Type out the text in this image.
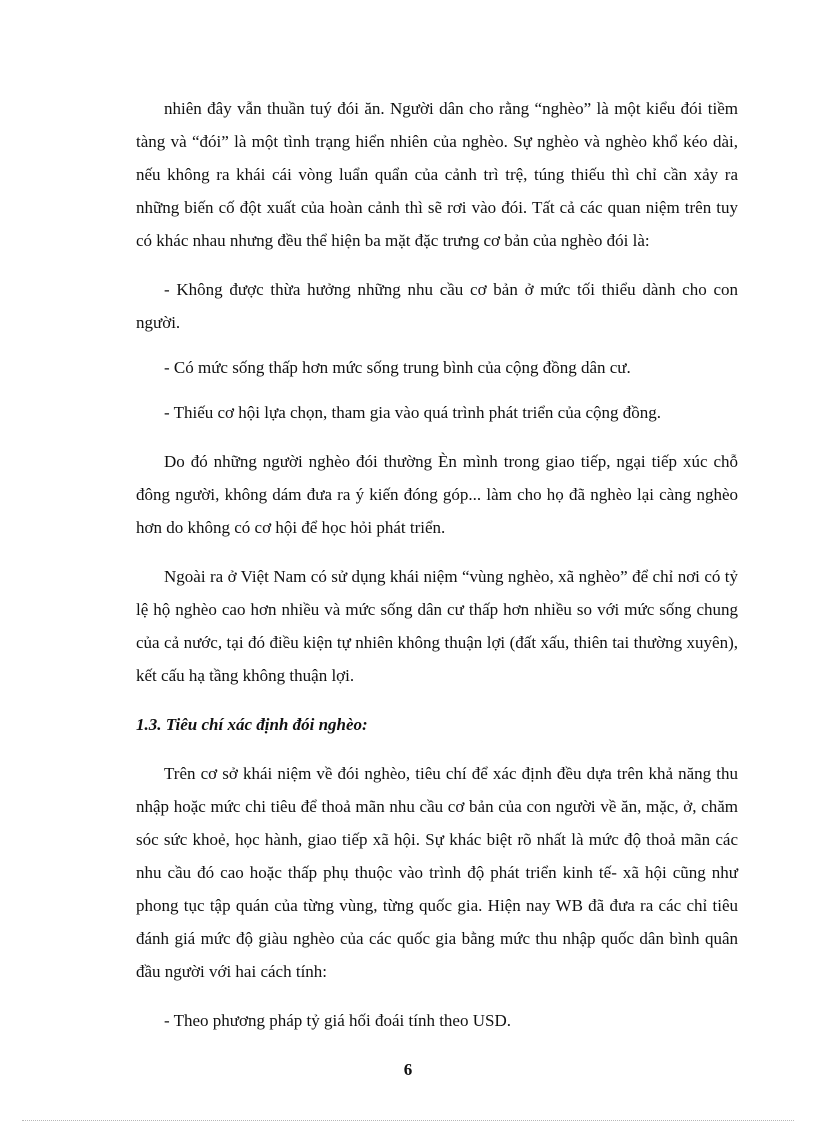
nhiên đây vẫn thuần tuý đói ăn. Người dân cho rằng “nghèo” là một kiểu đói tiềm tàng và “đói” là một tình trạng hiển nhiên của nghèo. Sự nghèo và nghèo khổ kéo dài, nếu không ra khái cái vòng luẩn quẩn của cảnh trì trệ, túng thiếu thì chỉ cần xảy ra những biến cố đột xuất của hoàn cảnh thì sẽ rơi vào đói. Tất cả các quan niệm trên tuy có khác nhau nhưng đều thể hiện ba mặt đặc trưng cơ bản của nghèo đói là:

- Không được thừa hưởng những nhu cầu cơ bản ở mức tối thiểu dành cho con người.

- Có mức sống thấp hơn mức sống trung bình của cộng đồng dân cư.

- Thiếu cơ hội lựa chọn, tham gia vào quá trình phát triển của cộng đồng.

Do đó những người nghèo đói thường Èn mình trong giao tiếp, ngại tiếp xúc chỗ đông người, không dám đưa ra ý kiến đóng góp... làm cho họ đã nghèo lại càng nghèo hơn do không có cơ hội để học hỏi phát triển.

Ngoài ra ở Việt Nam có sử dụng khái niệm “vùng nghèo, xã nghèo” để chỉ nơi có tỷ lệ hộ nghèo cao hơn nhiều và mức sống dân cư thấp hơn nhiều so với mức sống chung của cả nước, tại đó điều kiện tự nhiên không thuận lợi (đất xấu, thiên tai thường xuyên), kết cấu hạ tầng không thuận lợi.

1.3. Tiêu chí xác định đói nghèo:

Trên cơ sở khái niệm về đói nghèo, tiêu chí để xác định đều dựa trên khả năng thu nhập hoặc mức chi tiêu để thoả mãn nhu cầu cơ bản của con người về ăn, mặc, ở, chăm sóc sức khoẻ, học hành, giao tiếp xã hội. Sự khác biệt rõ nhất là mức độ thoả mãn các nhu cầu đó cao hoặc thấp phụ thuộc vào trình độ phát triển kinh tế- xã hội cũng như phong tục tập quán của từng vùng, từng quốc gia. Hiện nay WB đã đưa ra các chỉ tiêu đánh giá mức độ giàu nghèo của các quốc gia bằng mức thu nhập quốc dân bình quân đầu người với hai cách tính:

- Theo phương pháp tỷ giá hối đoái tính theo USD.

6
